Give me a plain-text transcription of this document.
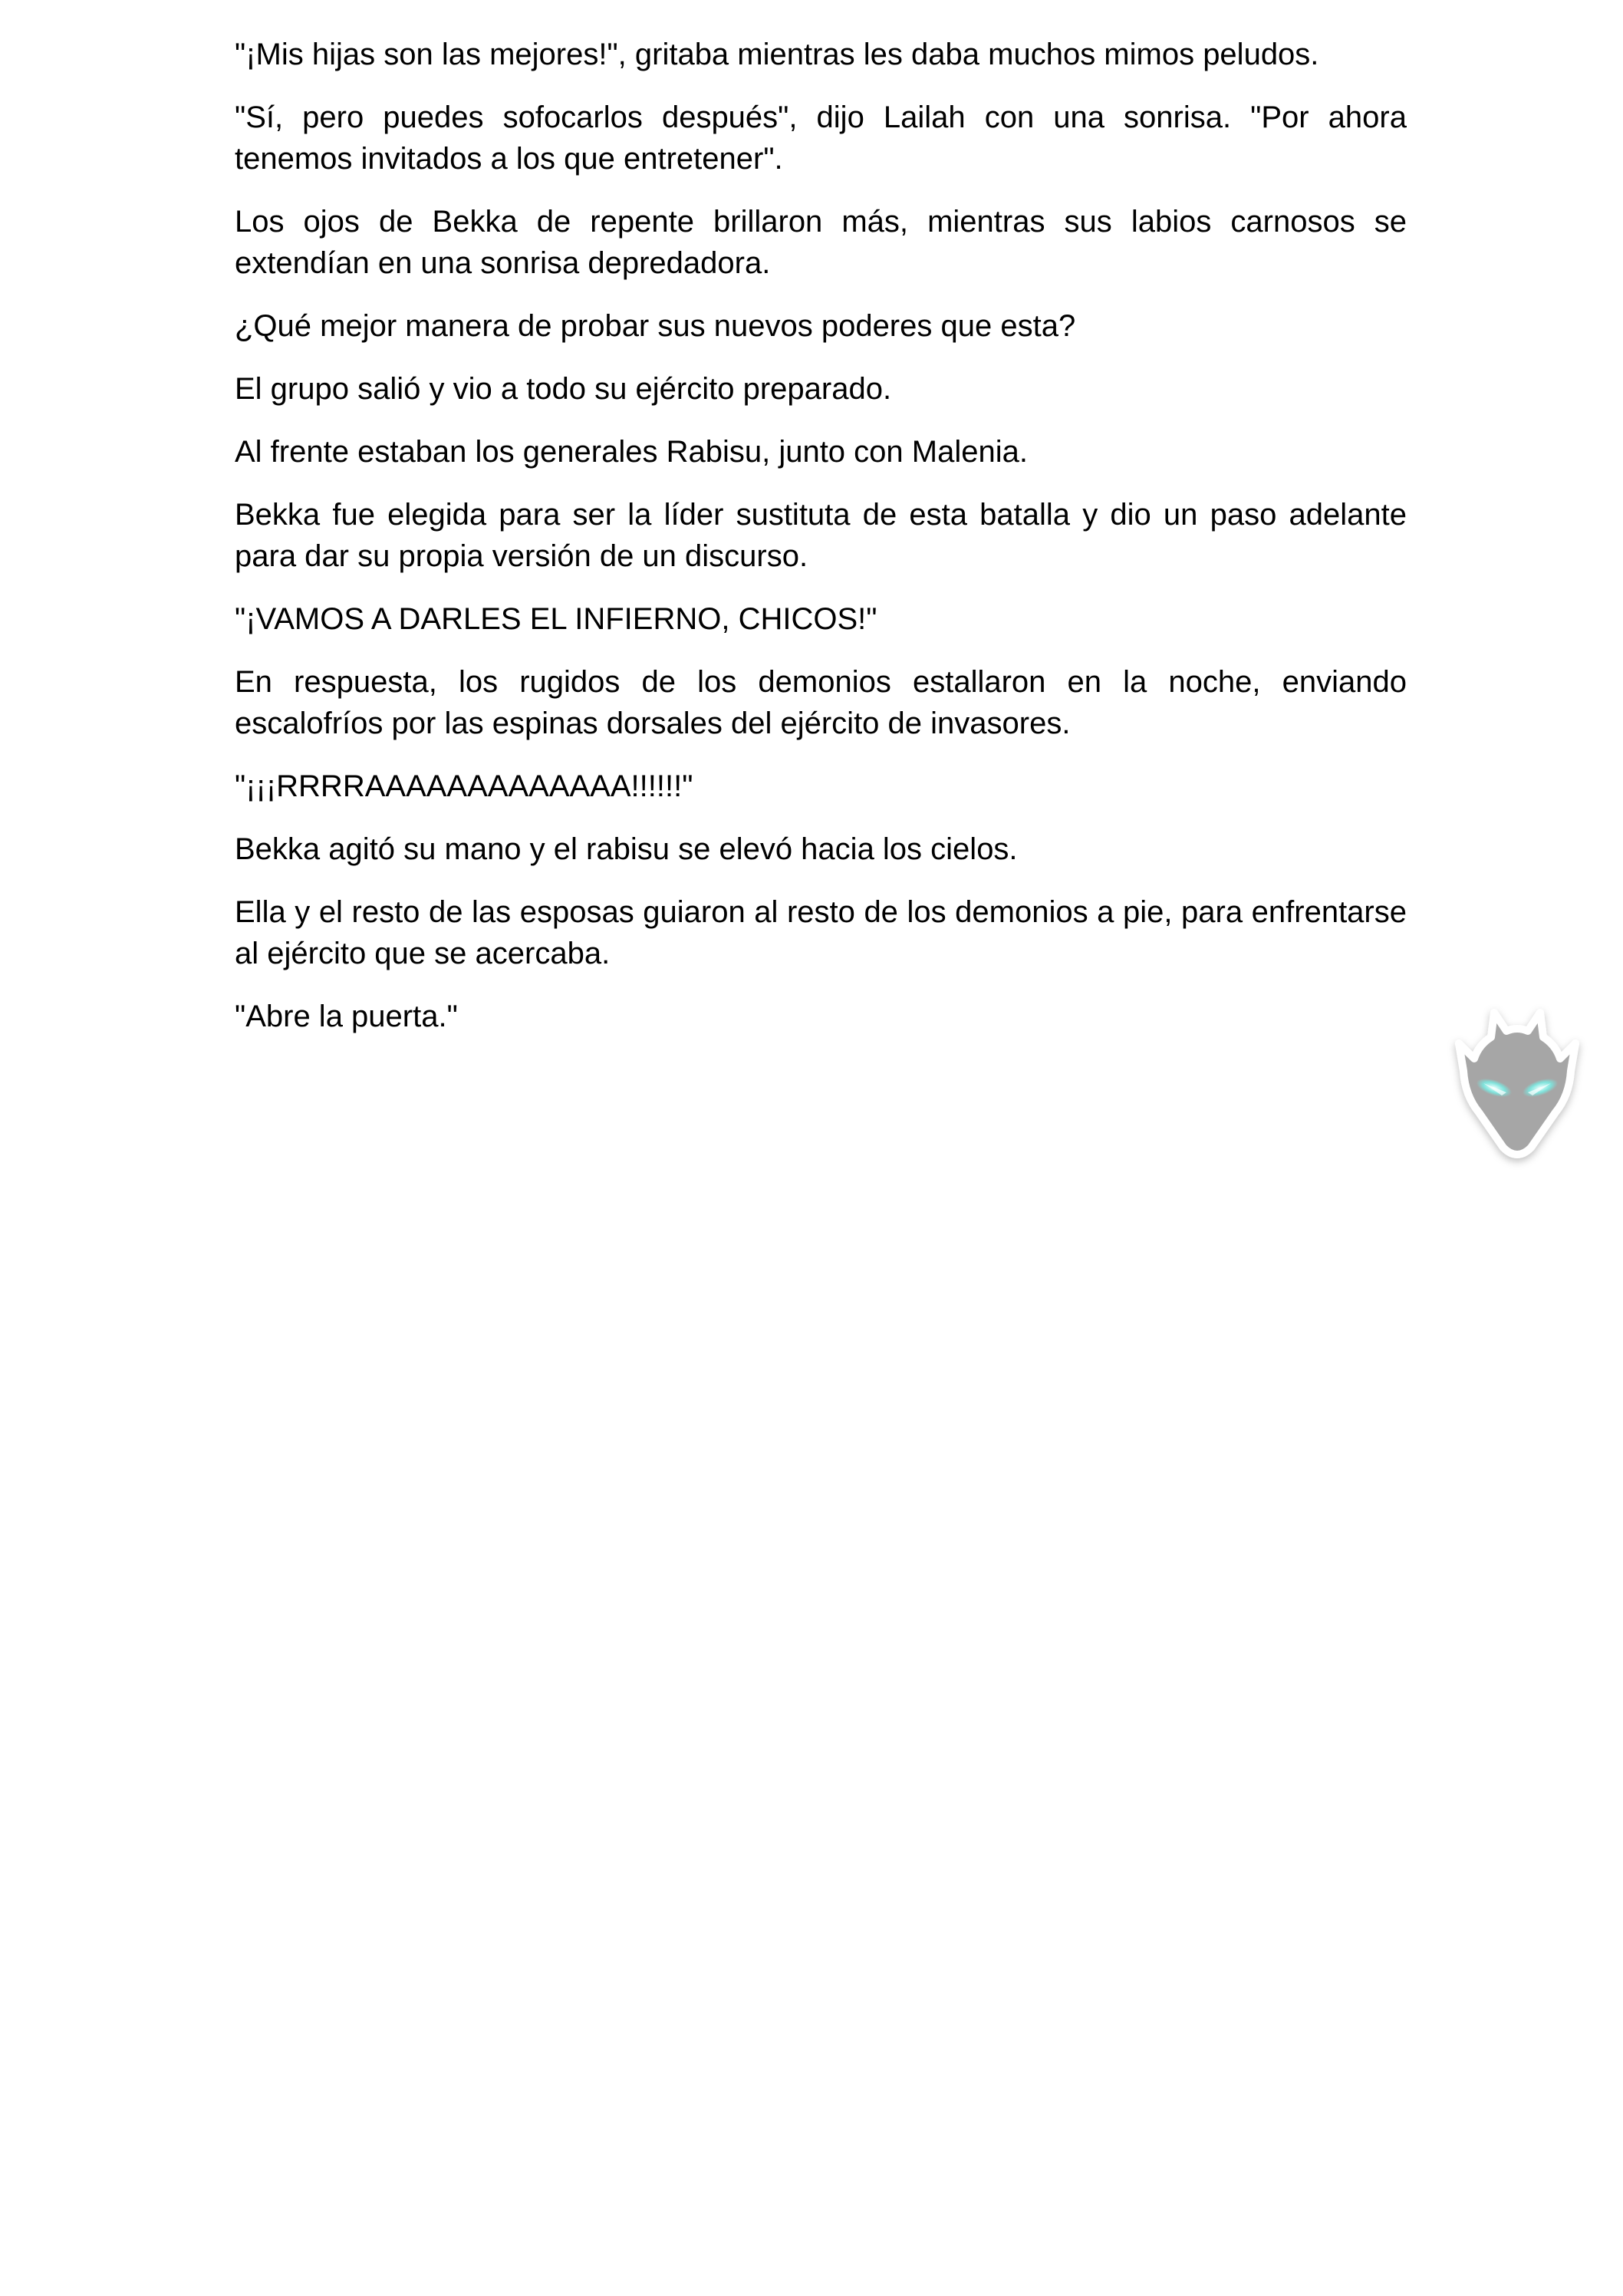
"¡Mis hijas son las mejores!", gritaba mientras les daba muchos mimos peludos.

"Sí, pero puedes sofocarlos después", dijo Lailah con una sonrisa. "Por ahora tenemos invitados a los que entretener".

Los ojos de Bekka de repente brillaron más, mientras sus labios carnosos se extendían en una sonrisa depredadora.

¿Qué mejor manera de probar sus nuevos poderes que esta?

El grupo salió y vio a todo su ejército preparado.

Al frente estaban los generales Rabisu, junto con Malenia.

Bekka fue elegida para ser la líder sustituta de esta batalla y dio un paso adelante para dar su propia versión de un discurso.

"¡VAMOS A DARLES EL INFIERNO, CHICOS!"

En respuesta, los rugidos de los demonios estallaron en la noche, enviando escalofríos por las espinas dorsales del ejército de invasores.

"¡¡¡RRRRAAAAAAAAAAAAA!!!!!!"

Bekka agitó su mano y el rabisu se elevó hacia los cielos.

Ella y el resto de las esposas guiaron al resto de los demonios a pie, para enfrentarse al ejército que se acercaba.

"Abre la puerta."
